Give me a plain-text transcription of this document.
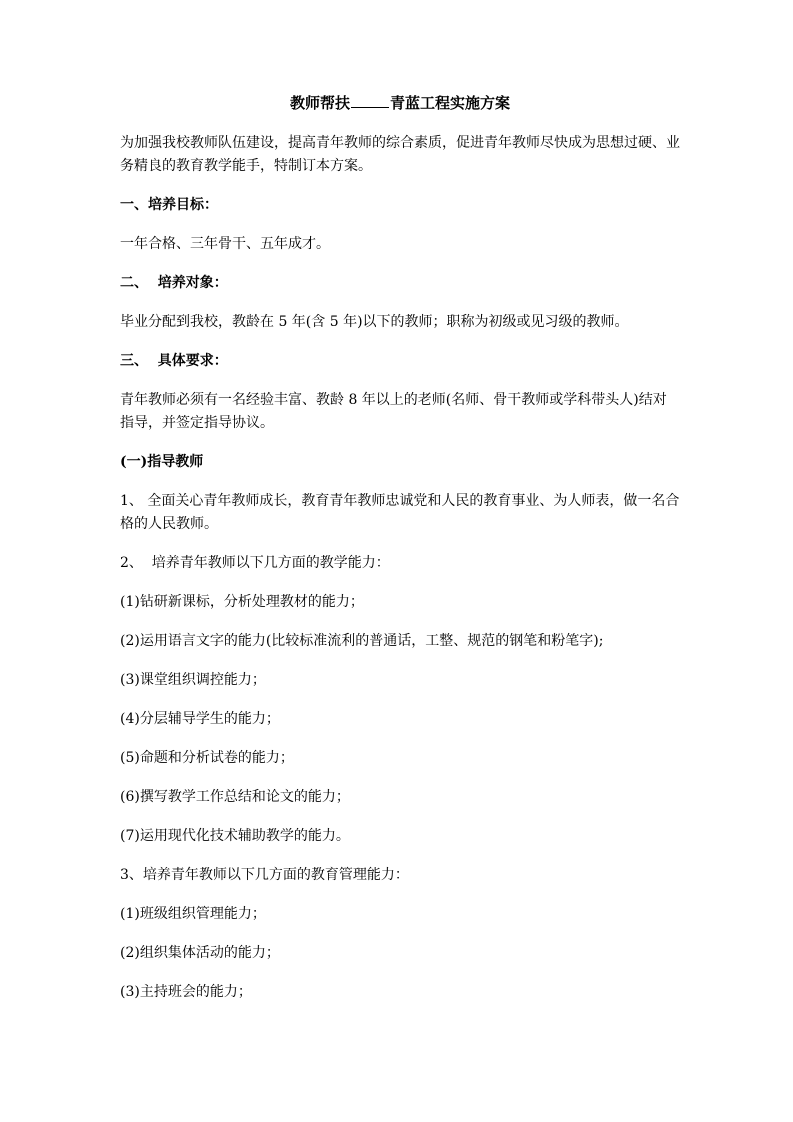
教师帮扶	青蓝工程实施方案

为加强我校教师队伍建设，提高青年教师的综合素质，促进青年教师尽快成为思想过硬、业务精良的教育教学能手，特制订本方案。

一、培养目标：

一年合格、三年骨干、五年成才。

二、  培养对象：

毕业分配到我校，教龄在 5 年(含 5 年)以下的教师；职称为初级或见习级的教师。

三、  具体要求：

青年教师必须有一名经验丰富、教龄 8 年以上的老师(名师、骨干教师或学科带头人)结对指导，并签定指导协议。

(一)指导教师

1、 全面关心青年教师成长，教育青年教师忠诚党和人民的教育事业、为人师表，做一名合格的人民教师。

2、  培养青年教师以下几方面的教学能力：

(1)钻研新课标，分析处理教材的能力；

(2)运用语言文字的能力(比较标准流利的普通话，工整、规范的钢笔和粉笔字);

(3)课堂组织调控能力；

(4)分层辅导学生的能力；

(5)命题和分析试卷的能力；

(6)撰写教学工作总结和论文的能力；

(7)运用现代化技术辅助教学的能力。

3、培养青年教师以下几方面的教育管理能力：

(1)班级组织管理能力；

(2)组织集体活动的能力；

(3)主持班会的能力；
